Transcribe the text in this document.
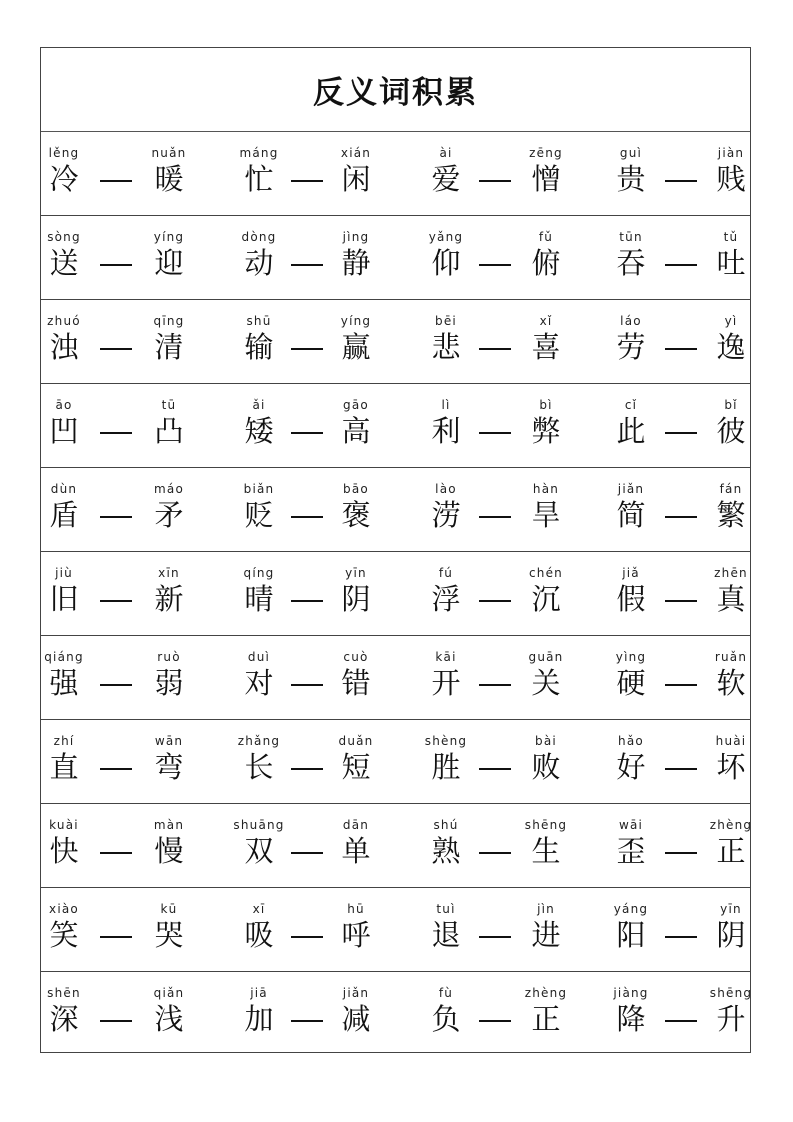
反义词积累
lěng
冷
nuǎn
暖
máng
忙
xián
闲
ài
爱
zēng
憎
guì
贵
jiàn
贱
sòng
送
yíng
迎
dòng
动
jìng
静
yǎng
仰
fǔ
俯
tūn
吞
tǔ
吐
zhuó
浊
qīng
清
shū
输
yíng
赢
bēi
悲
xǐ
喜
láo
劳
yì
逸
āo
凹
tū
凸
ǎi
矮
gāo
高
lì
利
bì
弊
cǐ
此
bǐ
彼
dùn
盾
máo
矛
biǎn
贬
bāo
褒
lào
涝
hàn
旱
jiǎn
简
fán
繁
jiù
旧
xīn
新
qíng
晴
yīn
阴
fú
浮
chén
沉
jiǎ
假
zhēn
真
qiáng
强
ruò
弱
duì
对
cuò
错
kāi
开
guān
关
yìng
硬
ruǎn
软
zhí
直
wān
弯
zhǎng
长
duǎn
短
shèng
胜
bài
败
hǎo
好
huài
坏
kuài
快
màn
慢
shuāng
双
dān
单
shú
熟
shēng
生
wāi
歪
zhèng
正
xiào
笑
kū
哭
xī
吸
hū
呼
tuì
退
jìn
进
yáng
阳
yīn
阴
shēn
深
qiǎn
浅
jiā
加
jiǎn
减
fù
负
zhèng
正
jiàng
降
shēng
升
